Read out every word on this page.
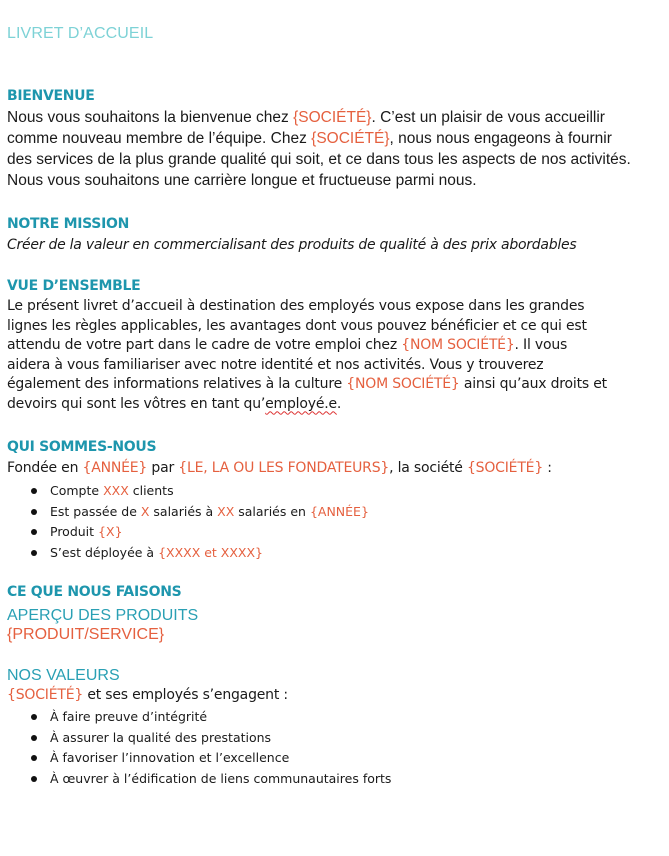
LIVRET D’ACCUEIL
BIENVENUE
Nous vous souhaitons la bienvenue chez {SOCIÉTÉ}. C’est un plaisir de vous accueillir
comme nouveau membre de l’équipe. Chez {SOCIÉTÉ}, nous nous engageons à fournir
des services de la plus grande qualité qui soit, et ce dans tous les aspects de nos activités.
Nous vous souhaitons une carrière longue et fructueuse parmi nous.
NOTRE MISSION
Créer de la valeur en commercialisant des produits de qualité à des prix abordables
VUE D’ENSEMBLE
Le présent livret d’accueil à destination des employés vous expose dans les grandes
lignes les règles applicables, les avantages dont vous pouvez bénéficier et ce qui est
attendu de votre part dans le cadre de votre emploi chez {NOM SOCIÉTÉ}. Il vous
aidera à vous familiariser avec notre identité et nos activités. Vous y trouverez
également des informations relatives à la culture {NOM SOCIÉTÉ} ainsi qu’aux droits et
devoirs qui sont les vôtres en tant qu’employé.e.
QUI SOMMES-NOUS
Fondée en {ANNÉE} par {LE, LA OU LES FONDATEURS}, la société {SOCIÉTÉ} :
Compte XXX clients
Est passée de X salariés à XX salariés en {ANNÉE}
Produit {X}
S’est déployée à {XXXX et XXXX}
CE QUE NOUS FAISONS
APERÇU DES PRODUITS
{PRODUIT/SERVICE}
NOS VALEURS
{SOCIÉTÉ} et ses employés s’engagent :
À faire preuve d’intégrité
À assurer la qualité des prestations
À favoriser l’innovation et l’excellence
À œuvrer à l’édification de liens communautaires forts
